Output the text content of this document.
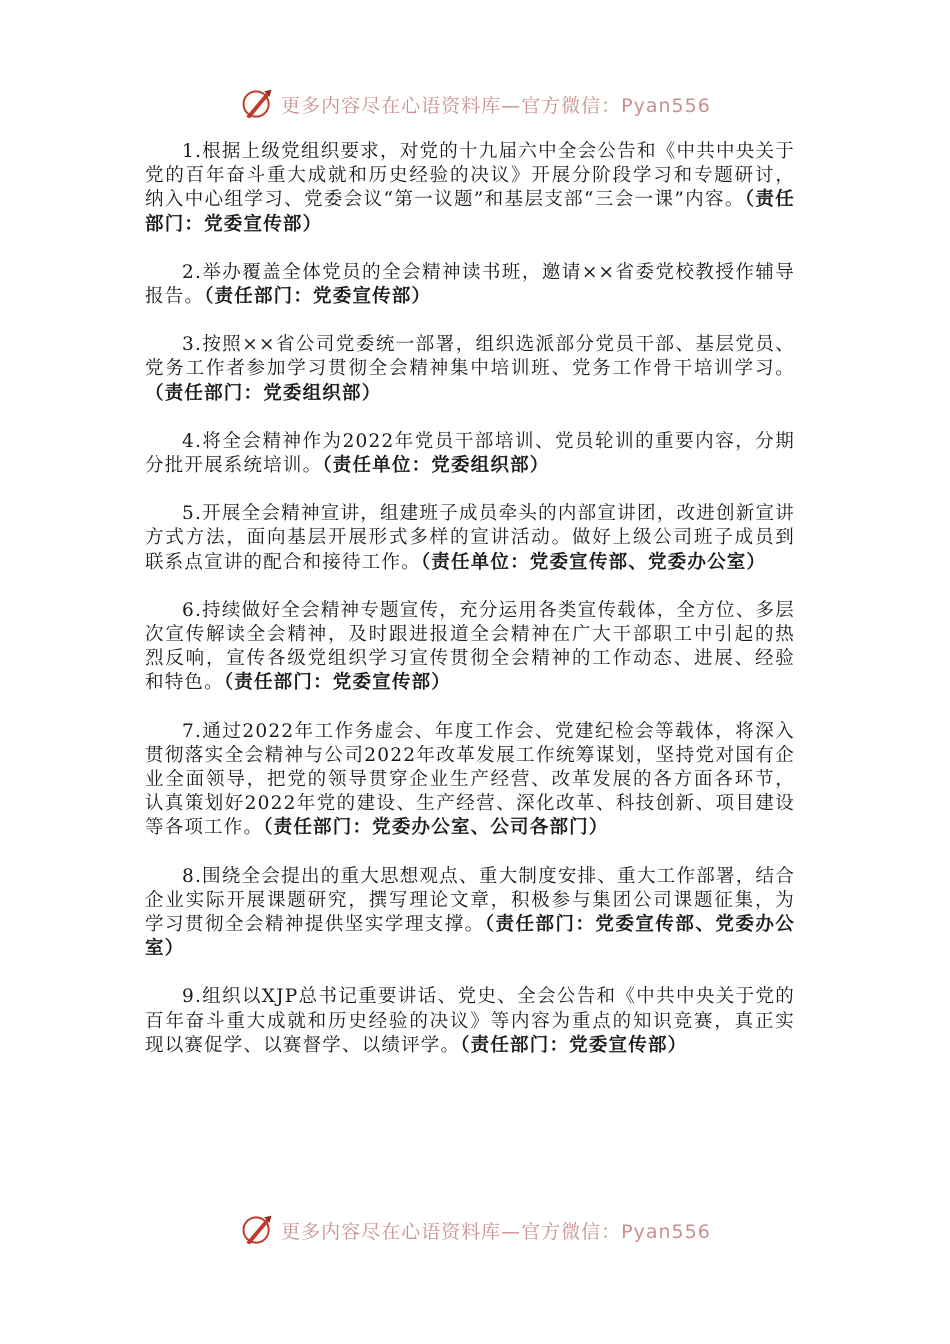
更多内容尽在心语资料库—官方微信：Pyan556

1.根据上级党组织要求，对党的十九届六中全会公告和《中共中央关于党的百年奋斗重大成就和历史经验的决议》开展分阶段学习和专题研讨，纳入中心组学习、党委会议“第一议题”和基层支部“三会一课”内容。（责任部门：党委宣传部）

2.举办覆盖全体党员的全会精神读书班，邀请××省委党校教授作辅导报告。（责任部门：党委宣传部）

3.按照××省公司党委统一部署，组织选派部分党员干部、基层党员、党务工作者参加学习贯彻全会精神集中培训班、党务工作骨干培训学习。（责任部门：党委组织部）

4.将全会精神作为2022年党员干部培训、党员轮训的重要内容，分期分批开展系统培训。（责任单位：党委组织部）

5.开展全会精神宣讲，组建班子成员牵头的内部宣讲团，改进创新宣讲方式方法，面向基层开展形式多样的宣讲活动。做好上级公司班子成员到联系点宣讲的配合和接待工作。（责任单位：党委宣传部、党委办公室）

6.持续做好全会精神专题宣传，充分运用各类宣传载体，全方位、多层次宣传解读全会精神，及时跟进报道全会精神在广大干部职工中引起的热烈反响，宣传各级党组织学习宣传贯彻全会精神的工作动态、进展、经验和特色。（责任部门：党委宣传部）

7.通过2022年工作务虚会、年度工作会、党建纪检会等载体，将深入贯彻落实全会精神与公司2022年改革发展工作统筹谋划，坚持党对国有企业全面领导，把党的领导贯穿企业生产经营、改革发展的各方面各环节，认真策划好2022年党的建设、生产经营、深化改革、科技创新、项目建设等各项工作。（责任部门：党委办公室、公司各部门）

8.围绕全会提出的重大思想观点、重大制度安排、重大工作部署，结合企业实际开展课题研究，撰写理论文章，积极参与集团公司课题征集，为学习贯彻全会精神提供坚实学理支撑。（责任部门：党委宣传部、党委办公室）

9.组织以XJP总书记重要讲话、党史、全会公告和《中共中央关于党的百年奋斗重大成就和历史经验的决议》等内容为重点的知识竞赛，真正实现以赛促学、以赛督学、以绩评学。（责任部门：党委宣传部）

更多内容尽在心语资料库—官方微信：Pyan556
